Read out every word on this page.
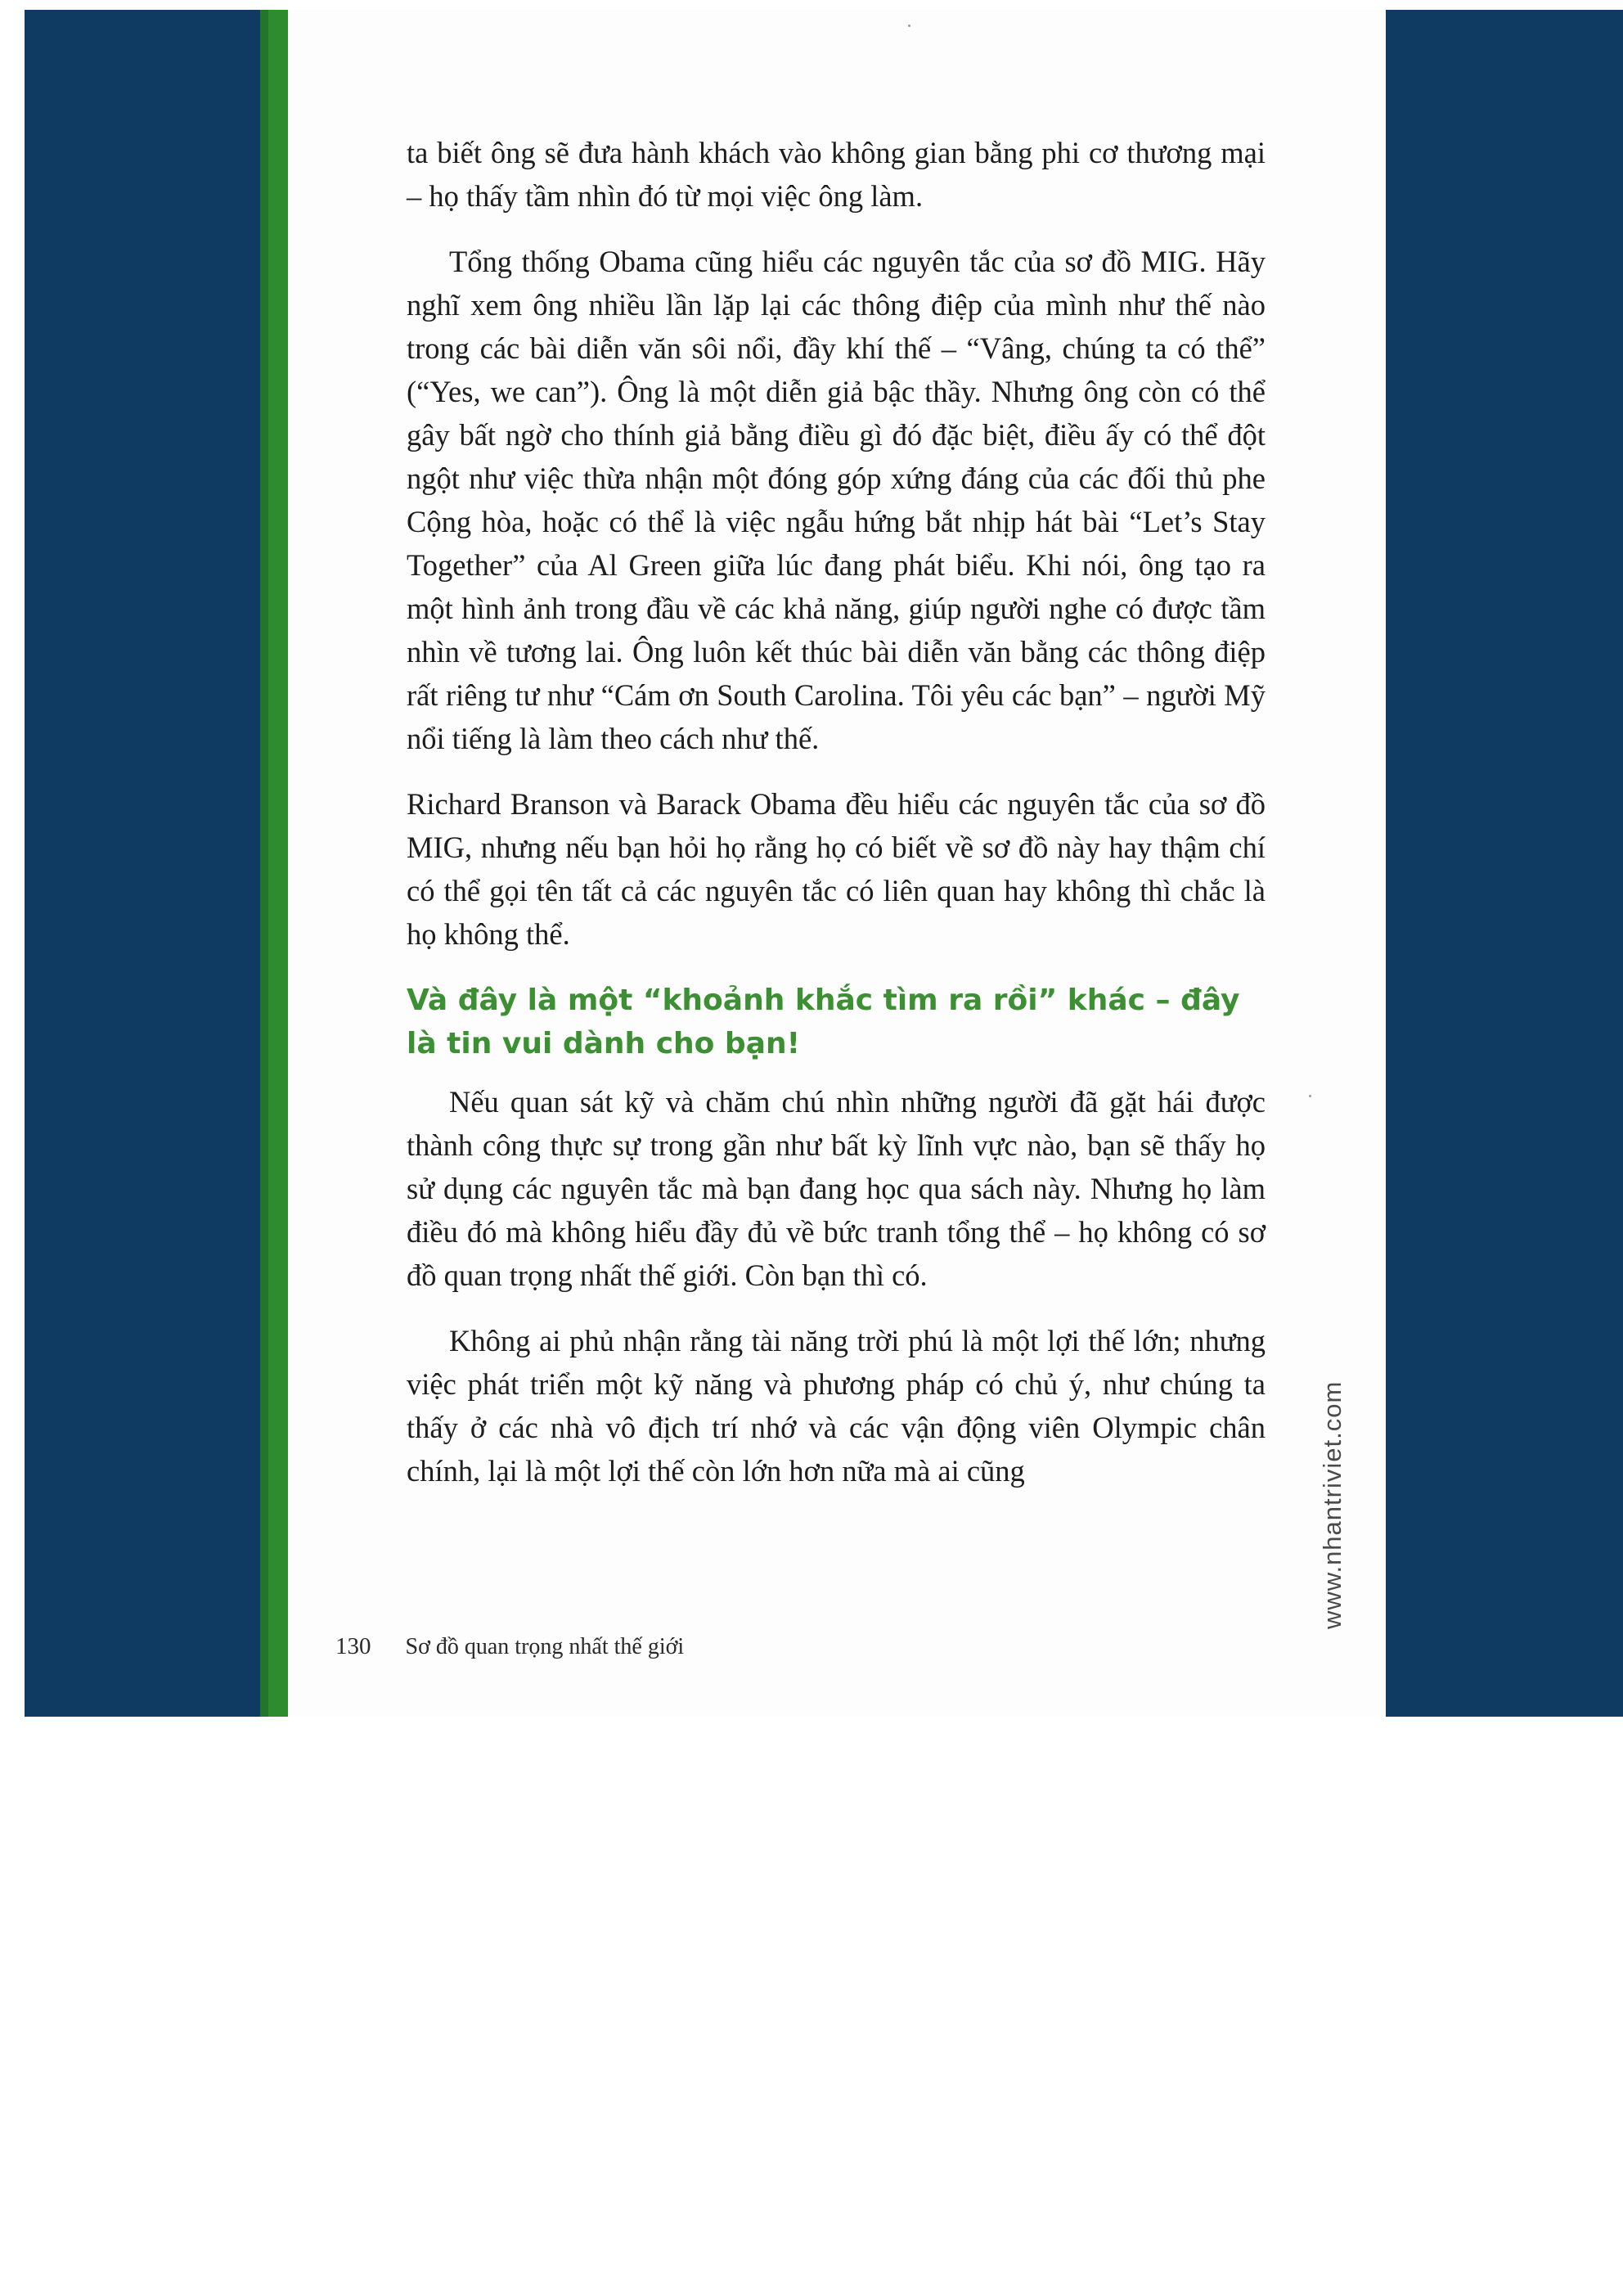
ta biết ông sẽ đưa hành khách vào không gian bằng phi cơ thương mại – họ thấy tầm nhìn đó từ mọi việc ông làm.

Tổng thống Obama cũng hiểu các nguyên tắc của sơ đồ MIG. Hãy nghĩ xem ông nhiều lần lặp lại các thông điệp của mình như thế nào trong các bài diễn văn sôi nổi, đầy khí thế – “Vâng, chúng ta có thể” (“Yes, we can”). Ông là một diễn giả bậc thầy. Nhưng ông còn có thể gây bất ngờ cho thính giả bằng điều gì đó đặc biệt, điều ấy có thể đột ngột như việc thừa nhận một đóng góp xứng đáng của các đối thủ phe Cộng hòa, hoặc có thể là việc ngẫu hứng bắt nhịp hát bài “Let’s Stay Together” của Al Green giữa lúc đang phát biểu. Khi nói, ông tạo ra một hình ảnh trong đầu về các khả năng, giúp người nghe có được tầm nhìn về tương lai. Ông luôn kết thúc bài diễn văn bằng các thông điệp rất riêng tư như “Cám ơn South Carolina. Tôi yêu các bạn” – người Mỹ nổi tiếng là làm theo cách như thế.

Richard Branson và Barack Obama đều hiểu các nguyên tắc của sơ đồ MIG, nhưng nếu bạn hỏi họ rằng họ có biết về sơ đồ này hay thậm chí có thể gọi tên tất cả các nguyên tắc có liên quan hay không thì chắc là họ không thể.

Và đây là một “khoảnh khắc tìm ra rồi” khác – đây là tin vui dành cho bạn!

Nếu quan sát kỹ và chăm chú nhìn những người đã gặt hái được thành công thực sự trong gần như bất kỳ lĩnh vực nào, bạn sẽ thấy họ sử dụng các nguyên tắc mà bạn đang học qua sách này. Nhưng họ làm điều đó mà không hiểu đầy đủ về bức tranh tổng thể – họ không có sơ đồ quan trọng nhất thế giới. Còn bạn thì có.

Không ai phủ nhận rằng tài năng trời phú là một lợi thế lớn; nhưng việc phát triển một kỹ năng và phương pháp có chủ ý, như chúng ta thấy ở các nhà vô địch trí nhớ và các vận động viên Olympic chân chính, lại là một lợi thế còn lớn hơn nữa mà ai cũng

130 Sơ đồ quan trọng nhất thế giới
www.nhantriviet.com
